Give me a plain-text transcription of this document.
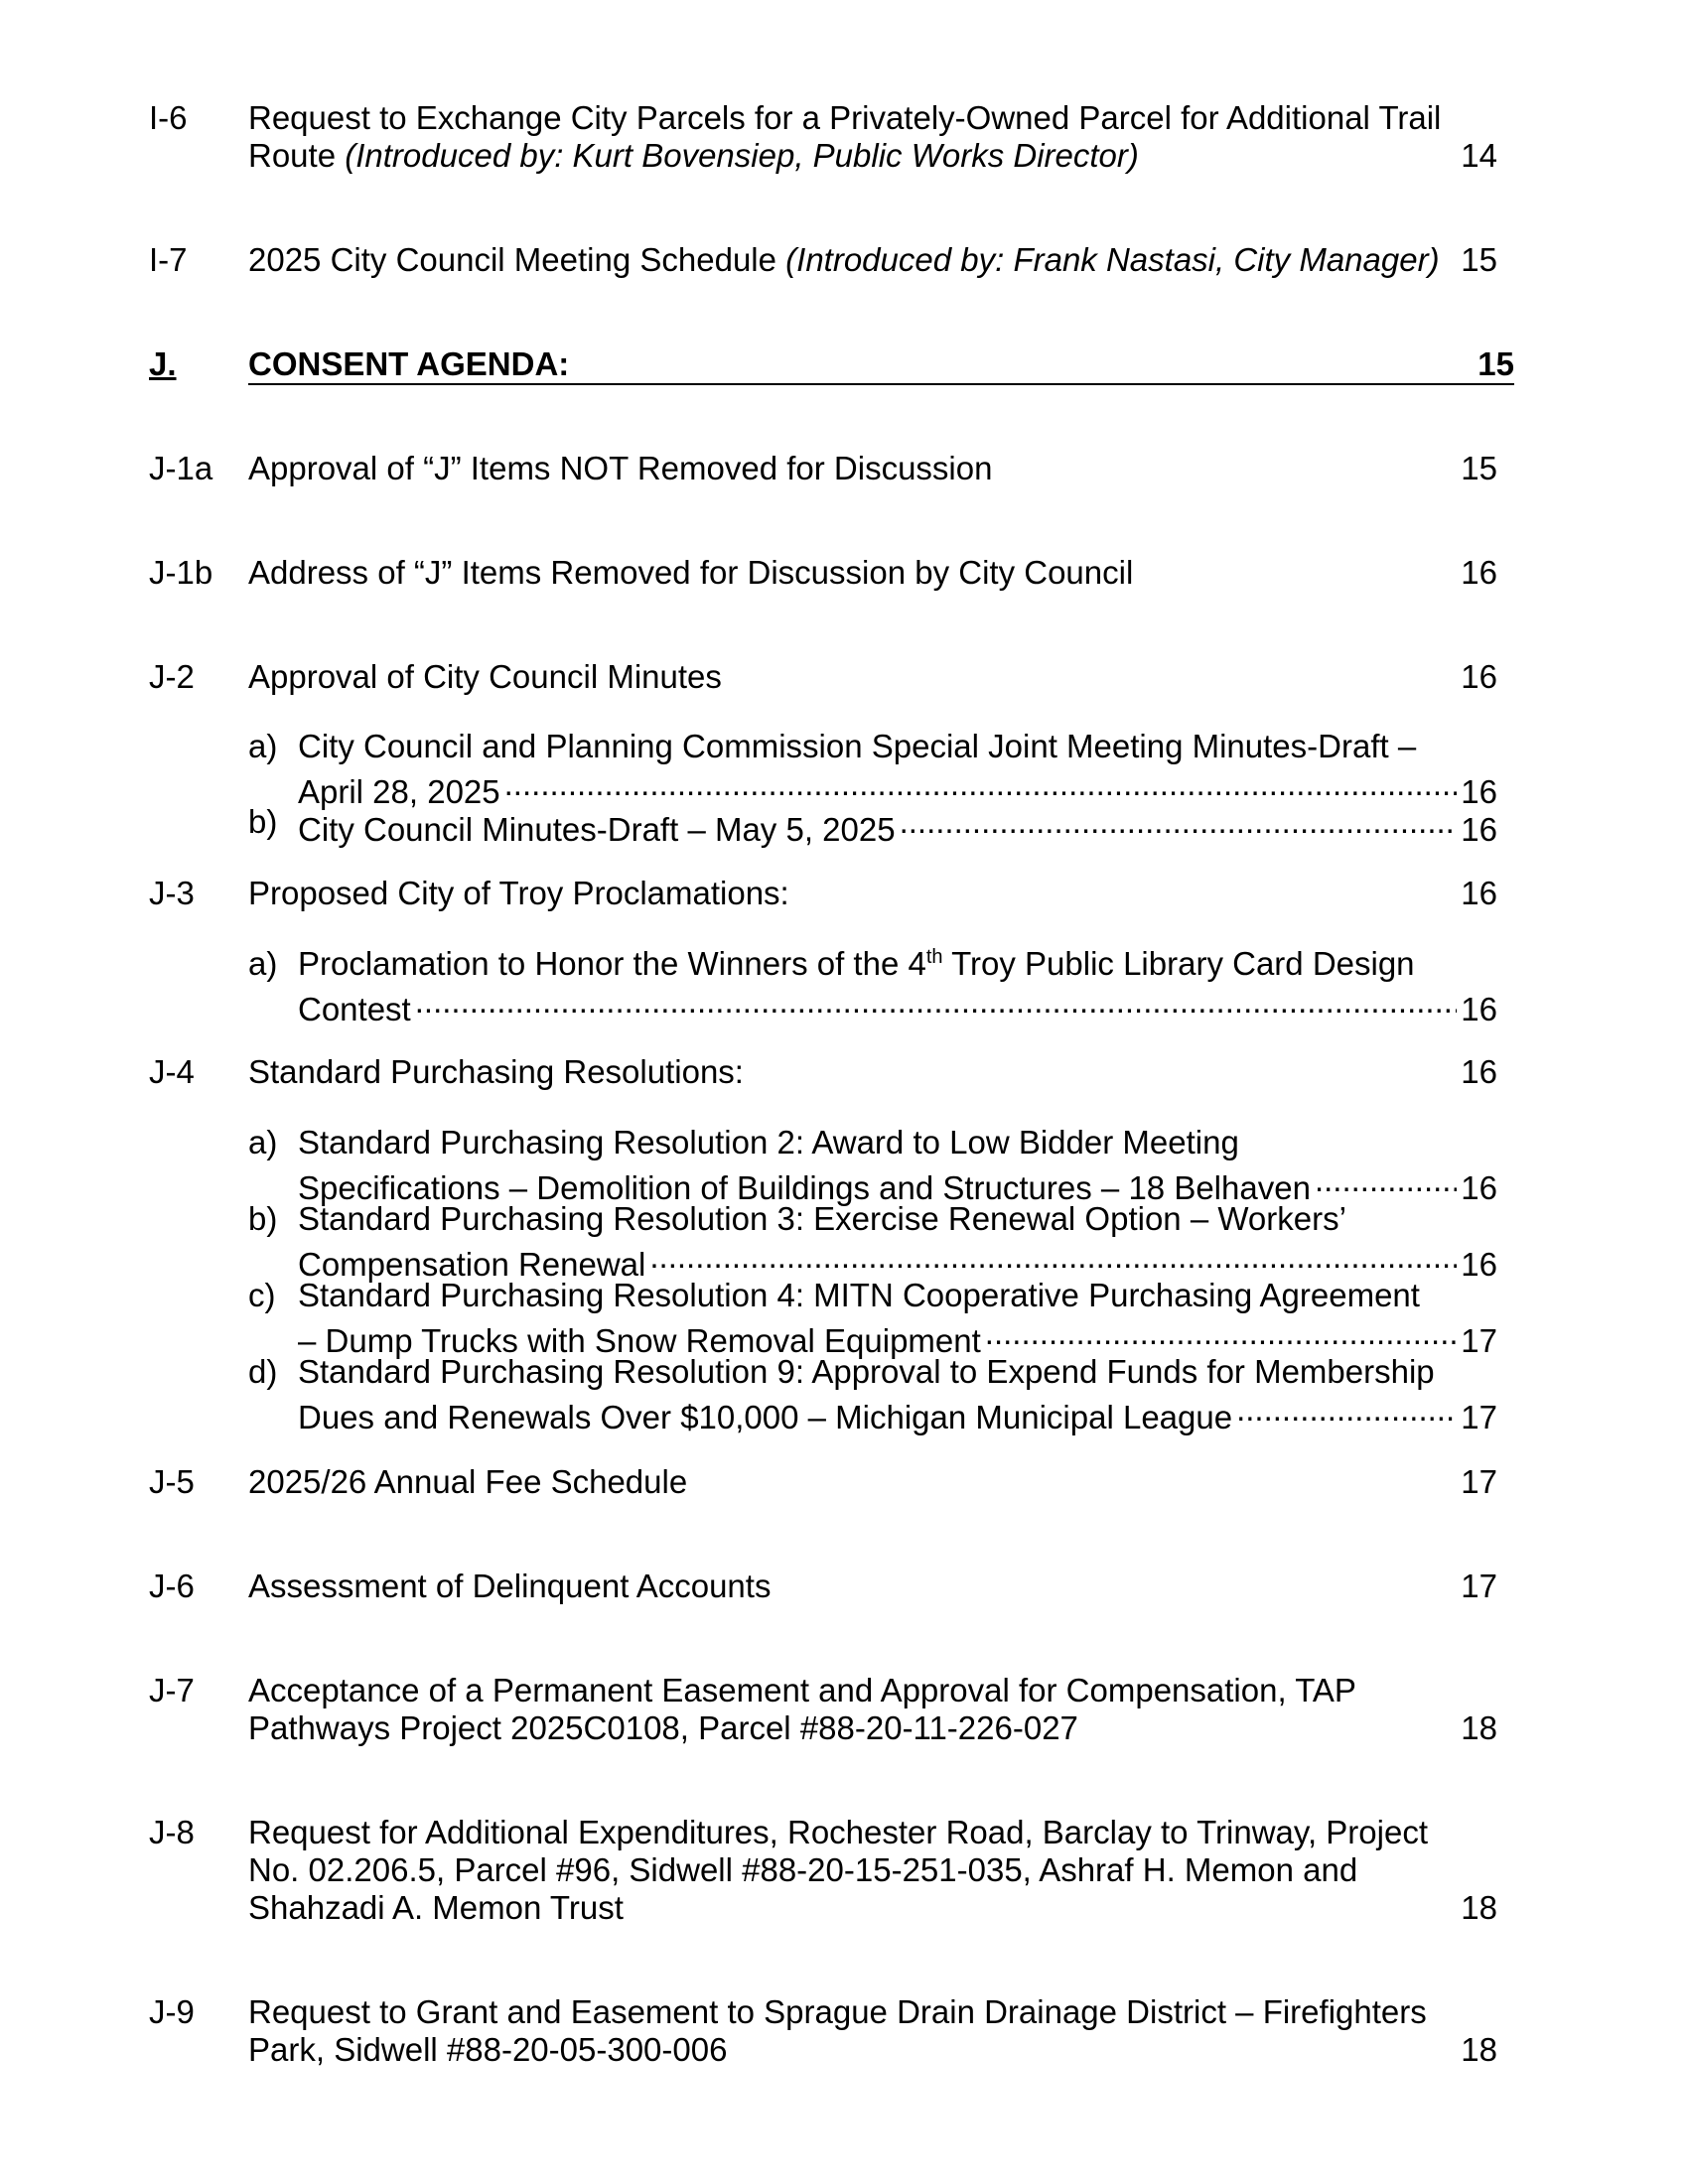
I-6 Request to Exchange City Parcels for a Privately-Owned Parcel for Additional Trail
Route (Introduced by: Kurt Bovensiep, Public Works Director)	14
I-7 2025 City Council Meeting Schedule (Introduced by: Frank Nastasi, City Manager) 15
J. CONSENT AGENDA:	15
J-1a Approval of “J” Items NOT Removed for Discussion	15
J-1b Address of “J” Items Removed for Discussion by City Council	16
J-2 Approval of City Council Minutes	16
a) City Council and Planning Commission Special Joint Meeting Minutes-Draft –
April 28, 2025 .....	16
b) City Council Minutes-Draft – May 5, 2025 .....	16
J-3 Proposed City of Troy Proclamations:	16
a) Proclamation to Honor the Winners of the 4th Troy Public Library Card Design
Contest .....	16
J-4 Standard Purchasing Resolutions:	16
a) Standard Purchasing Resolution 2: Award to Low Bidder Meeting
Specifications – Demolition of Buildings and Structures – 18 Belhaven .....	16
b) Standard Purchasing Resolution 3: Exercise Renewal Option – Workers’
Compensation Renewal .....	16
c) Standard Purchasing Resolution 4: MITN Cooperative Purchasing Agreement
– Dump Trucks with Snow Removal Equipment .....	17
d) Standard Purchasing Resolution 9: Approval to Expend Funds for Membership
Dues and Renewals Over $10,000 – Michigan Municipal League .....	17
J-5 2025/26 Annual Fee Schedule	17
J-6 Assessment of Delinquent Accounts	17
J-7 Acceptance of a Permanent Easement and Approval for Compensation, TAP
Pathways Project 2025C0108, Parcel #88-20-11-226-027	18
J-8 Request for Additional Expenditures, Rochester Road, Barclay to Trinway, Project
No. 02.206.5, Parcel #96, Sidwell #88-20-15-251-035, Ashraf H. Memon and
Shahzadi A. Memon Trust	18
J-9 Request to Grant and Easement to Sprague Drain Drainage District – Firefighters
Park, Sidwell #88-20-05-300-006	18
